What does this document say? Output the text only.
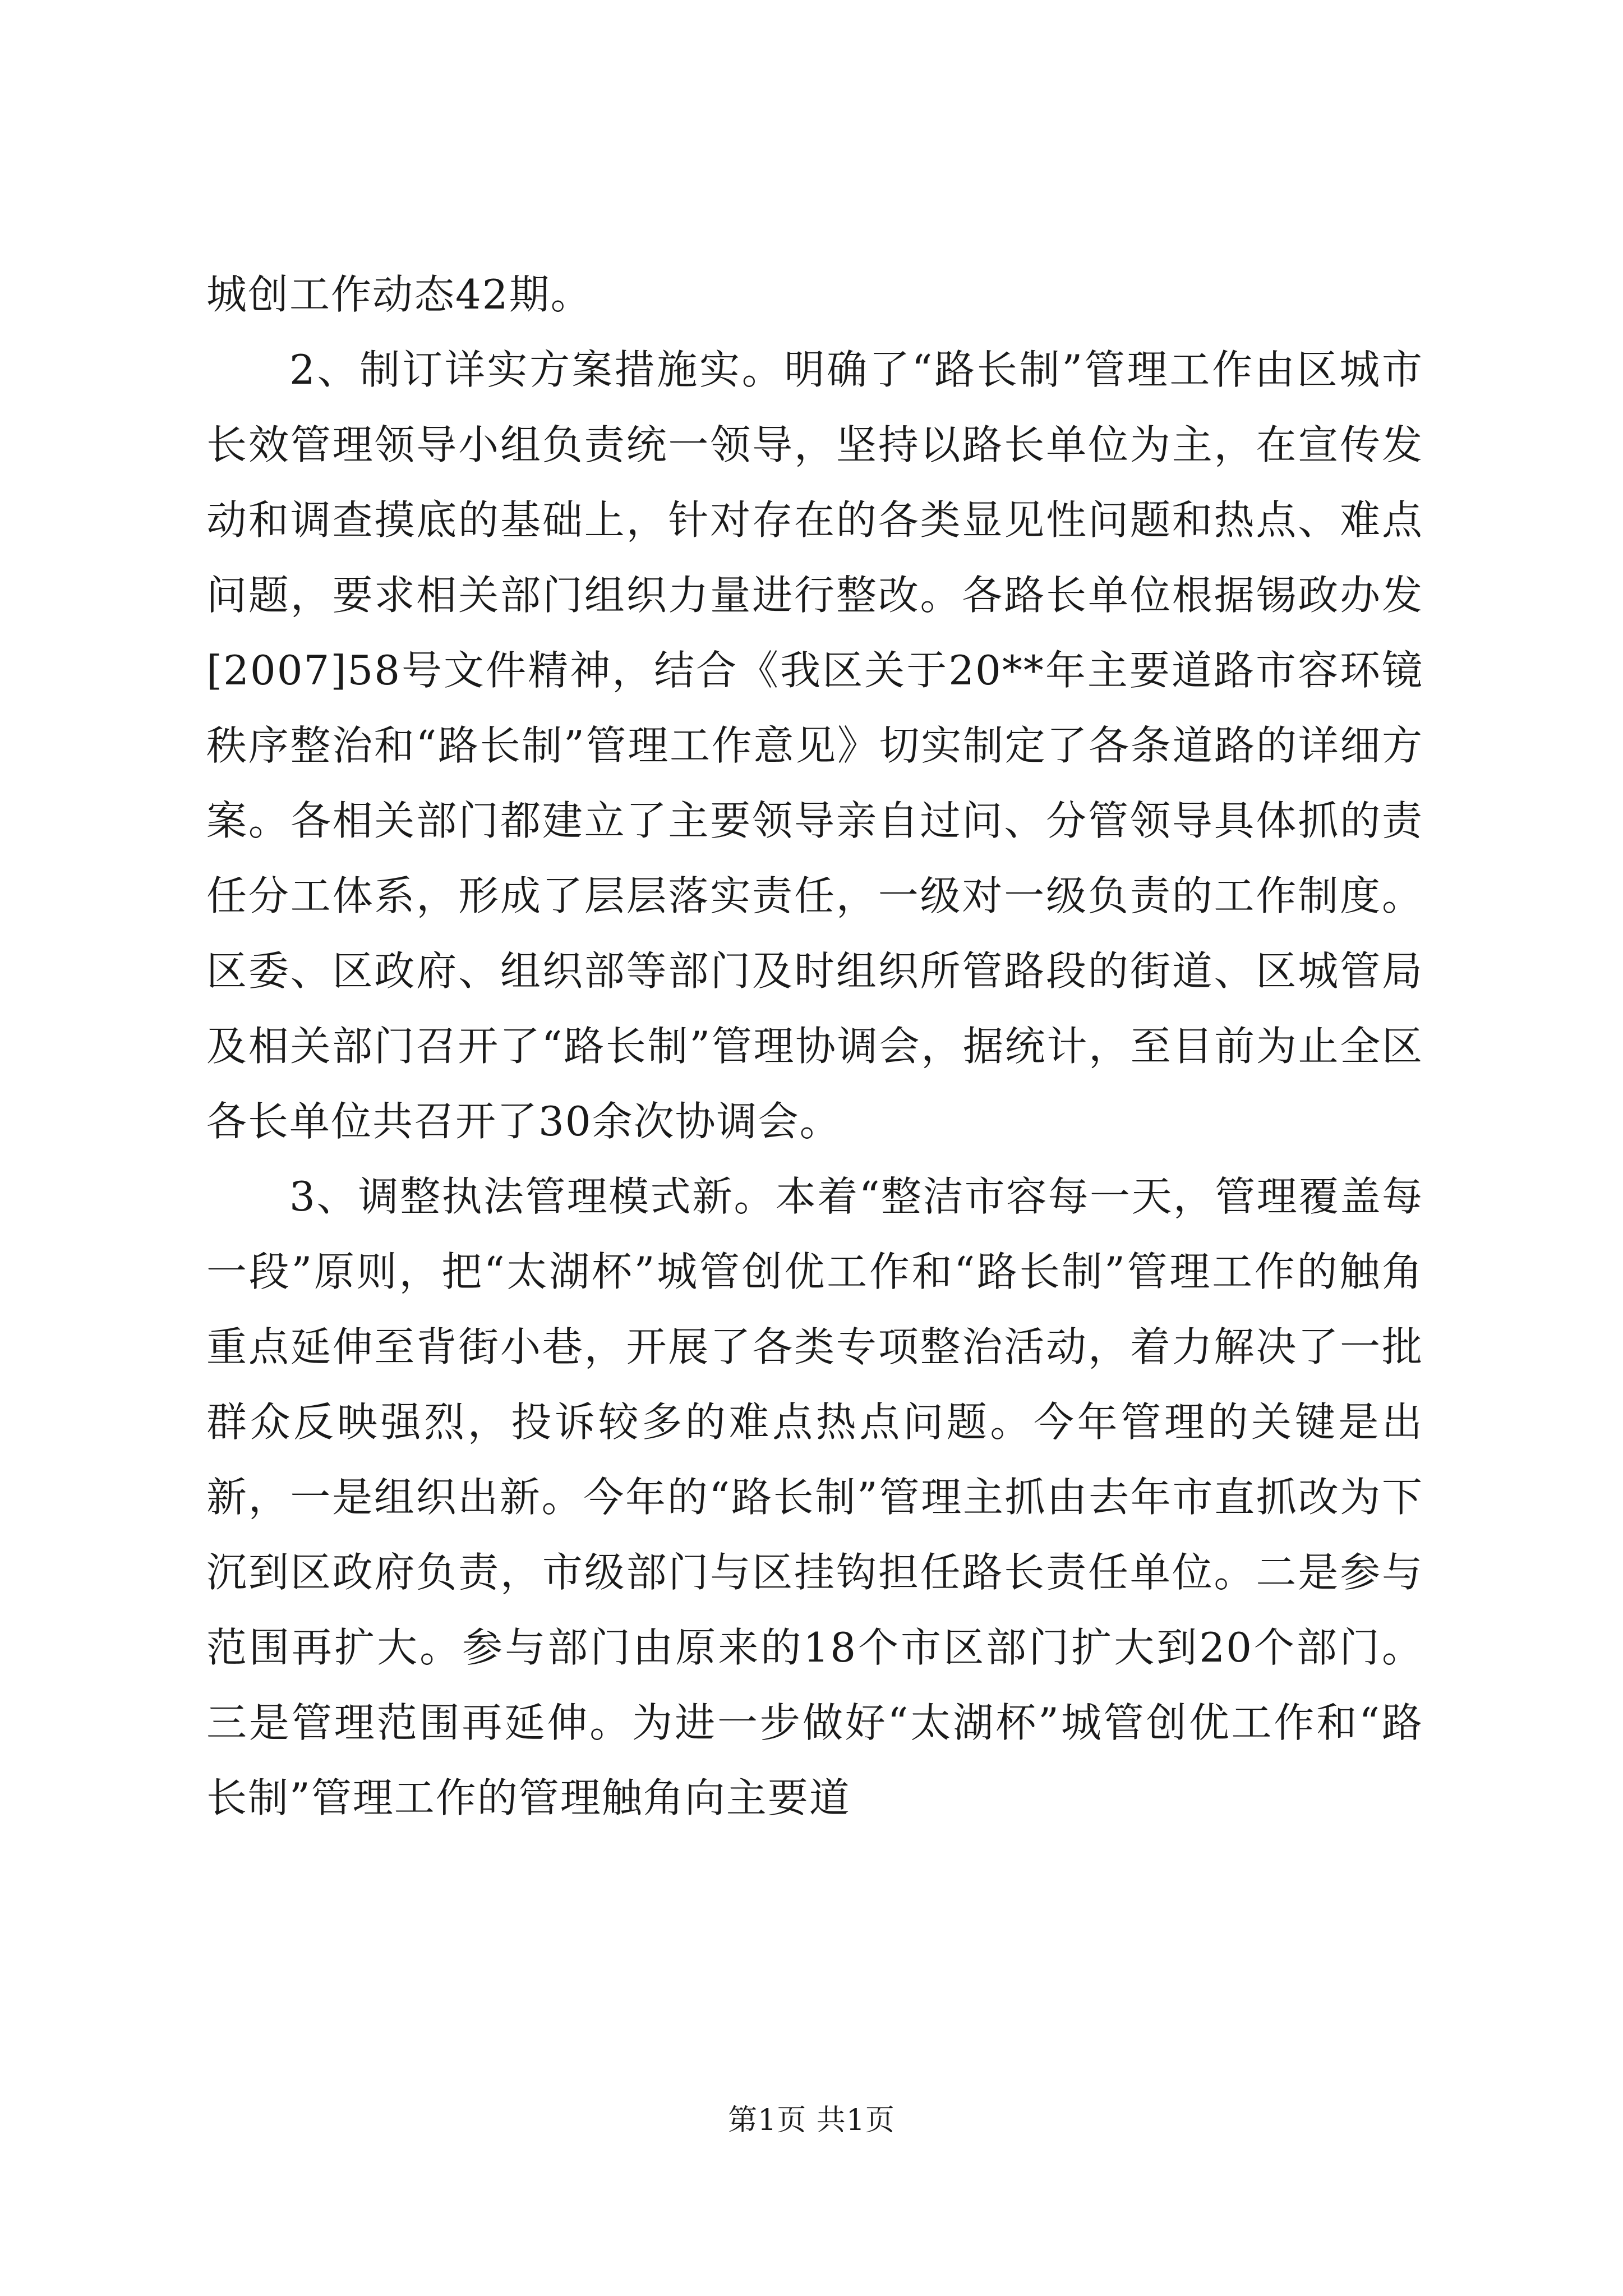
城创工作动态42期。

2、制订详实方案措施实。明确了“路长制”管理工作由区城市长效管理领导小组负责统一领导，坚持以路长单位为主，在宣传发动和调查摸底的基础上，针对存在的各类显见性问题和热点、难点问题，要求相关部门组织力量进行整改。各路长单位根据锡政办发[2007]58号文件精神，结合《我区关于20**年主要道路市容环镜秩序整治和“路长制”管理工作意见》切实制定了各条道路的详细方案。各相关部门都建立了主要领导亲自过问、分管领导具体抓的责任分工体系，形成了层层落实责任，一级对一级负责的工作制度。区委、区政府、组织部等部门及时组织所管路段的街道、区城管局及相关部门召开了“路长制”管理协调会，据统计，至目前为止全区各长单位共召开了30余次协调会。

3、调整执法管理模式新。本着“整洁市容每一天，管理覆盖每一段”原则，把“太湖杯”城管创优工作和“路长制”管理工作的触角重点延伸至背街小巷，开展了各类专项整治活动，着力解决了一批群众反映强烈，投诉较多的难点热点问题。今年管理的关键是出新，一是组织出新。今年的“路长制”管理主抓由去年市直抓改为下沉到区政府负责，市级部门与区挂钩担任路长责任单位。二是参与范围再扩大。参与部门由原来的18个市区部门扩大到20个部门。三是管理范围再延伸。为进一步做好“太湖杯”城管创优工作和“路长制”管理工作的管理触角向主要道

第1页 共1页
